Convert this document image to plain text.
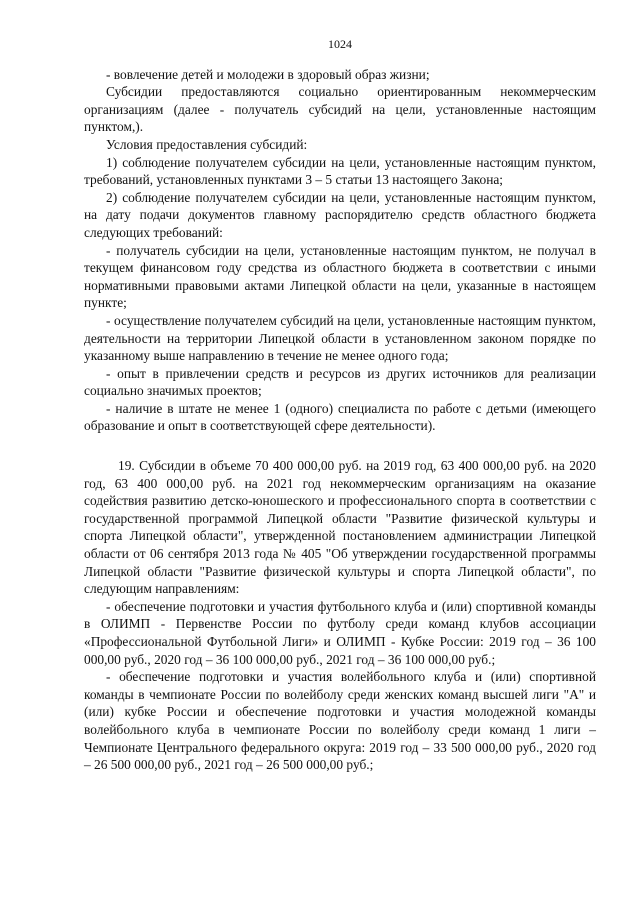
1024

- вовлечение детей и молодежи в здоровый образ жизни;

Субсидии предоставляются социально ориентированным некоммерческим организациям (далее - получатель субсидий на цели, установленные настоящим пунктом,).

Условия предоставления субсидий:

1) соблюдение получателем субсидии на цели, установленные настоящим пунктом, требований, установленных пунктами 3 – 5 статьи 13 настоящего Закона;

2) соблюдение получателем субсидии на цели, установленные настоящим пунктом, на дату подачи документов главному распорядителю средств областного бюджета следующих требований:

- получатель субсидии на цели, установленные настоящим пунктом, не получал в текущем финансовом году средства из областного бюджета в соответствии с иными нормативными правовыми актами Липецкой области на цели, указанные в настоящем пункте;

- осуществление получателем субсидий на цели, установленные настоящим пунктом, деятельности на территории Липецкой области в установленном законом порядке по указанному выше направлению в течение не менее одного года;

- опыт в привлечении средств и ресурсов из других источников для реализации социально значимых проектов;

- наличие в штате не менее 1 (одного) специалиста по работе с детьми (имеющего образование и опыт в соответствующей сфере деятельности).

19. Субсидии в объеме 70 400 000,00 руб. на 2019 год, 63 400 000,00 руб. на 2020 год, 63 400 000,00 руб. на 2021 год некоммерческим организациям на оказание содействия развитию детско-юношеского и профессионального спорта в соответствии с государственной программой Липецкой области "Развитие физической культуры и спорта Липецкой области", утвержденной постановлением администрации Липецкой области от 06 сентября 2013 года № 405 "Об утверждении государственной программы Липецкой области "Развитие физической культуры и спорта Липецкой области", по следующим направлениям:

- обеспечение подготовки и участия футбольного клуба и (или) спортивной команды в ОЛИМП - Первенстве России по футболу среди команд клубов ассоциации «Профессиональной Футбольной Лиги» и ОЛИМП - Кубке России: 2019 год – 36 100 000,00 руб., 2020 год – 36 100 000,00 руб., 2021 год – 36 100 000,00 руб.;

- обеспечение подготовки и участия волейбольного клуба и (или) спортивной команды в чемпионате России по волейболу среди женских команд высшей лиги "А" и (или) кубке России и обеспечение подготовки и участия молодежной команды волейбольного клуба в чемпионате России по волейболу среди команд 1 лиги – Чемпионате Центрального федерального округа: 2019 год – 33 500 000,00 руб., 2020 год – 26 500 000,00 руб., 2021 год – 26 500 000,00 руб.;
